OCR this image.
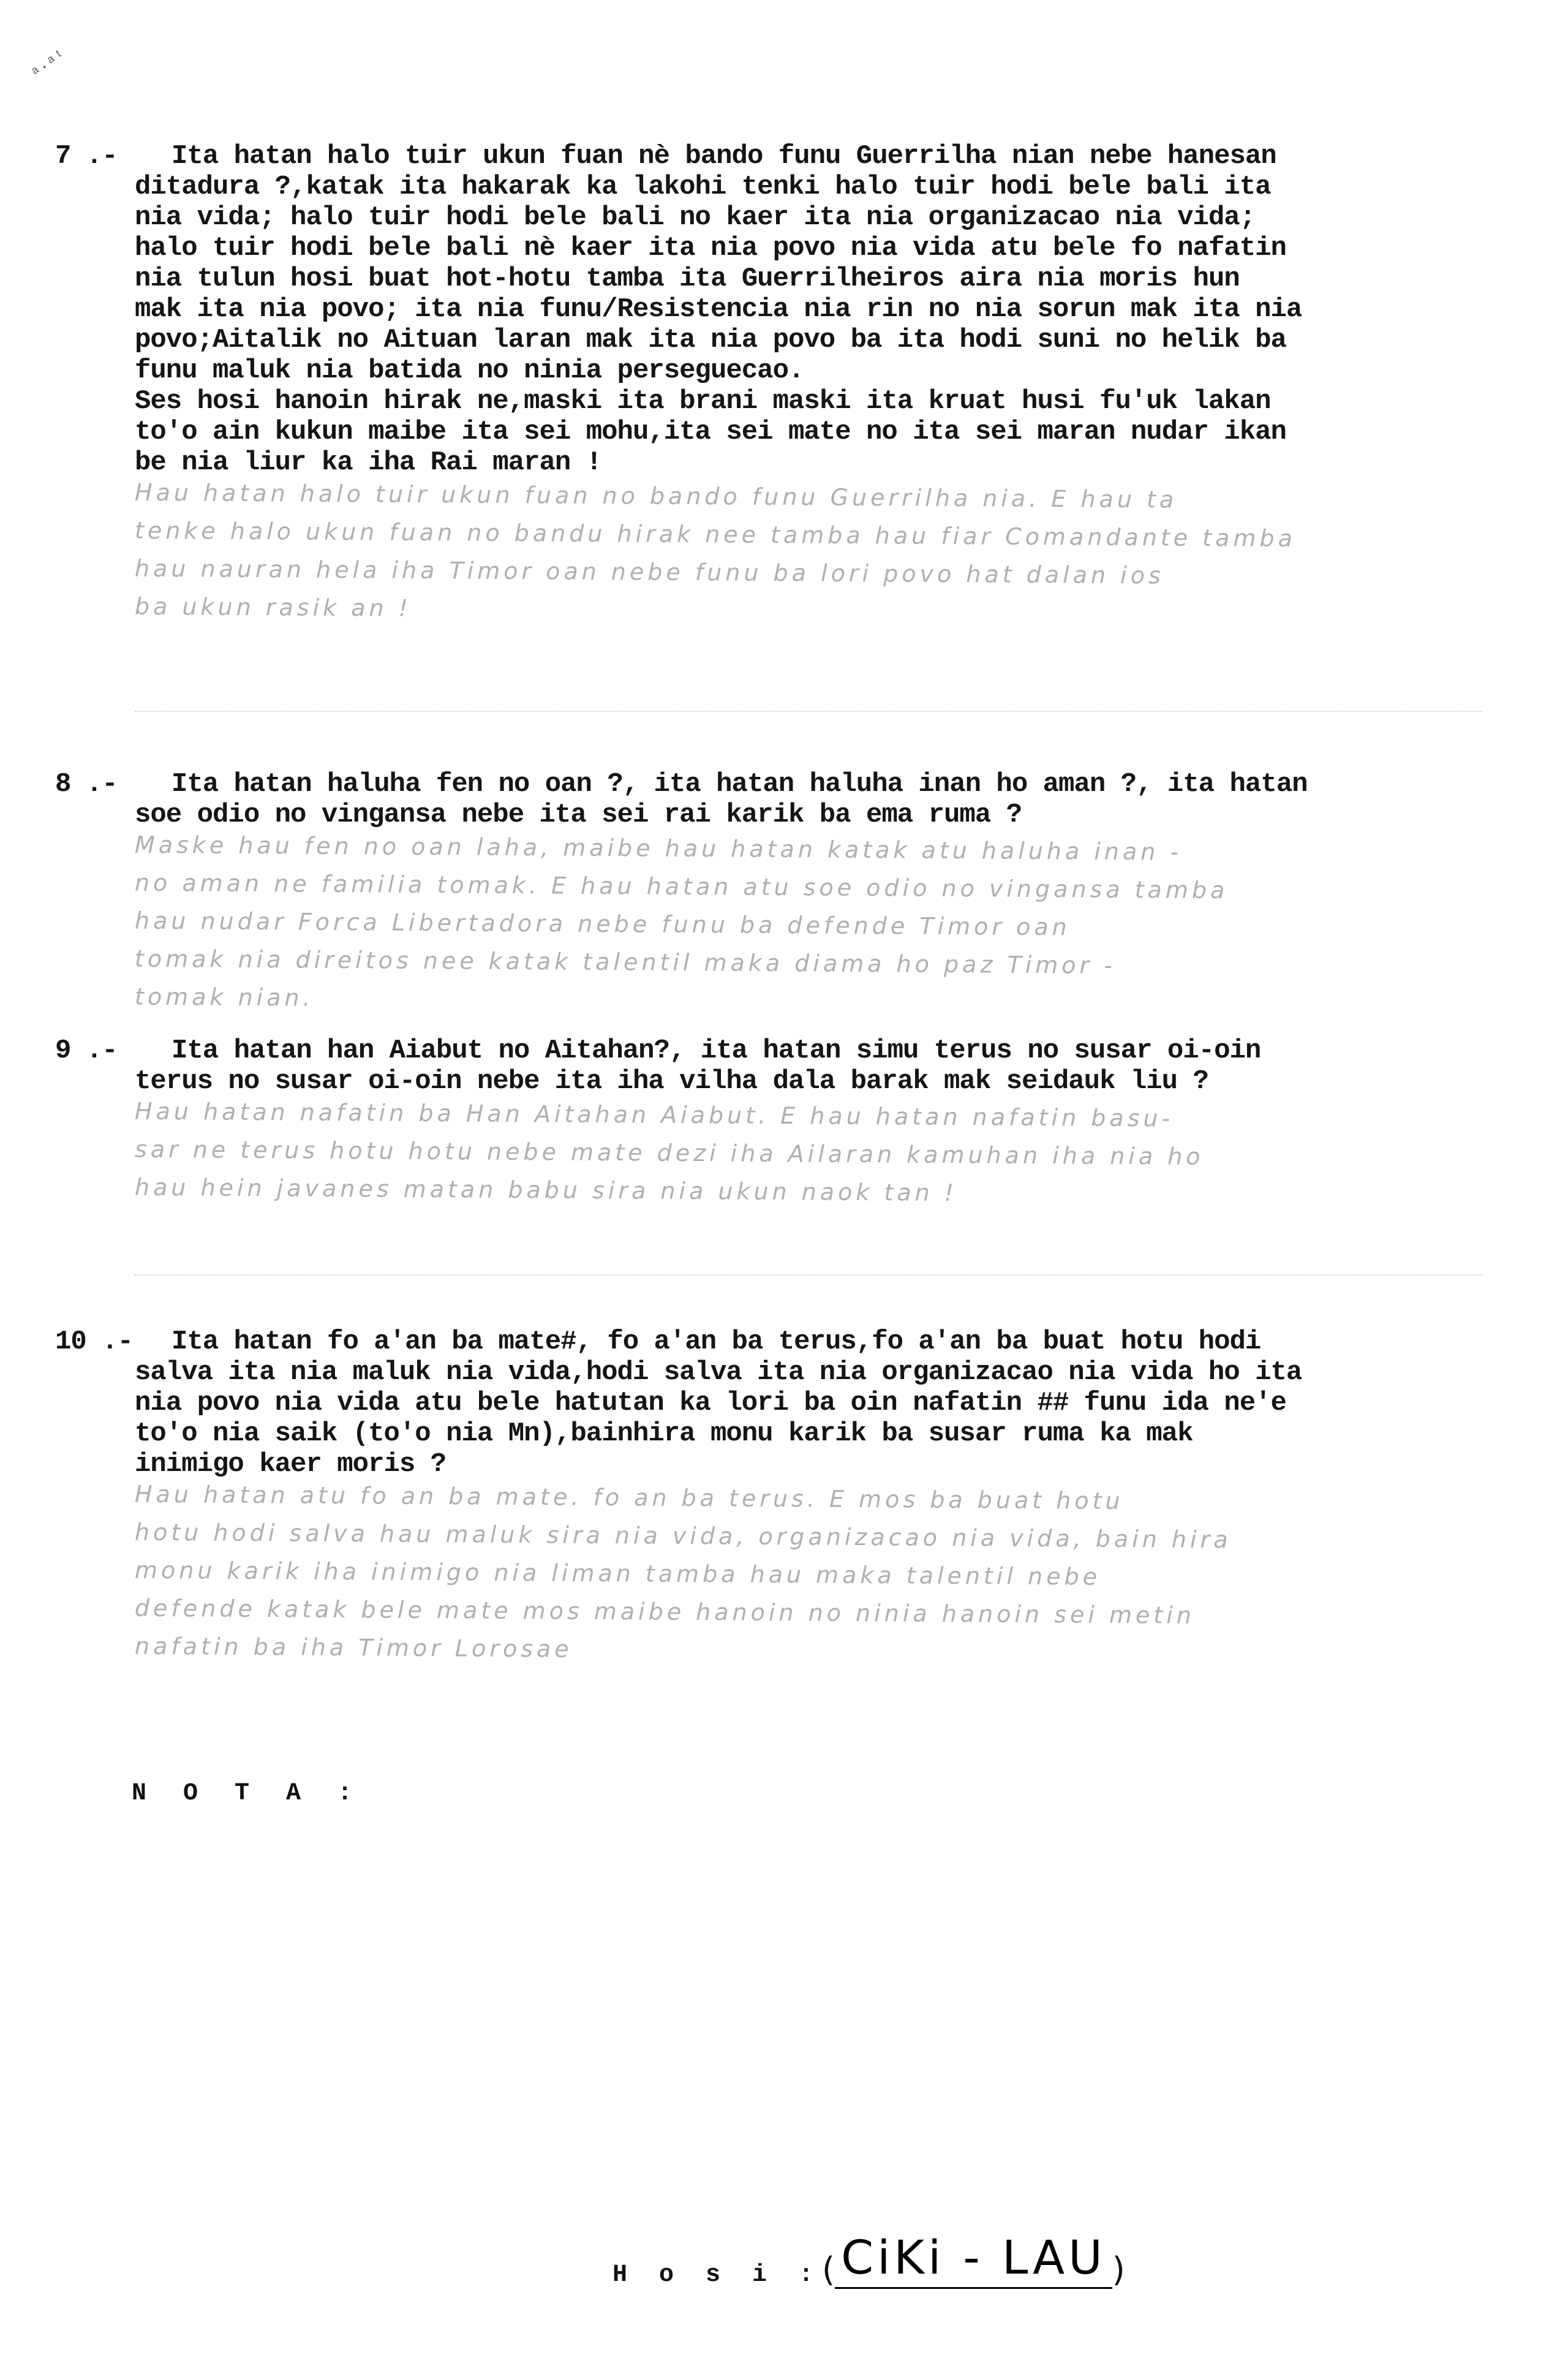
ᵃ·ᵃᵗ
7 .- Ita hatan halo tuir ukun fuan nè bando funu Guerrilha nian nebe hanesan
ditadura ?,katak ita hakarak ka lakohi tenki halo tuir hodi bele bali ita
nia vida; halo tuir hodi bele bali no kaer ita nia organizacao nia vida;
halo tuir hodi bele bali nè kaer ita nia povo nia vida atu bele fo nafatin
nia tulun hosi buat hot-hotu tamba ita Guerrilheiros aira nia moris hun
mak ita nia povo; ita nia funu/Resistencia nia rin no nia sorun mak ita nia
povo;Aitalik no Aituan laran mak ita nia povo ba ita hodi suni no helik ba
funu maluk nia batida no ninia perseguecao.
Ses hosi hanoin hirak ne,maski ita brani maski ita kruat husi fu'uk lakan
to'o ain kukun maibe ita sei mohu,ita sei mate no ita sei maran nudar ikan
be nia liur ka iha Rai maran !
Hau hatan halo tuir ukun fuan no bando funu Guerrilha nia. E hau ta
tenke halo ukun fuan no bandu hirak nee tamba hau fiar Comandante tamba
hau nauran hela iha Timor oan nebe funu ba lori povo hat dalan ios
ba ukun rasik an !
8 .- Ita hatan haluha fen no oan ?, ita hatan haluha inan ho aman ?, ita hatan
soe odio no vingansa nebe ita sei rai karik ba ema ruma ?
Maske hau fen no oan laha, maibe hau hatan katak atu haluha inan -
no aman ne familia tomak. E hau hatan atu soe odio no vingansa tamba
hau nudar Forca Libertadora nebe funu ba defende Timor oan
tomak nia direitos nee katak talentil maka diama ho paz Timor -
tomak nian.
9 .- Ita hatan han Aiabut no Aitahan?, ita hatan simu terus no susar oi-oin
terus no susar oi-oin nebe ita iha vilha dala barak mak seidauk liu ?
Hau hatan nafatin ba Han Aitahan Aiabut. E hau hatan nafatin basu-
sar ne terus hotu hotu nebe mate dezi iha Ailaran kamuhan iha nia ho
hau hein javanes matan babu sira nia ukun naok tan !
10 .- Ita hatan fo a'an ba mate#, fo a'an ba terus,fo a'an ba buat hotu hodi
salva ita nia maluk nia vida,hodi salva ita nia organizacao nia vida ho ita
nia povo nia vida atu bele hatutan ka lori ba oin nafatin ## funu ida ne'e
to'o nia saik (to'o nia Mn),bainhira monu karik ba susar ruma ka mak
inimigo kaer moris ?
Hau hatan atu fo an ba mate. fo an ba terus. E mos ba buat hotu
hotu hodi salva hau maluk sira nia vida, organizacao nia vida, bain hira
monu karik iha inimigo nia liman tamba hau maka talentil nebe
defende katak bele mate mos maibe hanoin no ninia hanoin sei metin
nafatin ba iha Timor Lorosae
N O T A :
H o s i : ( CiKi - LAU )
